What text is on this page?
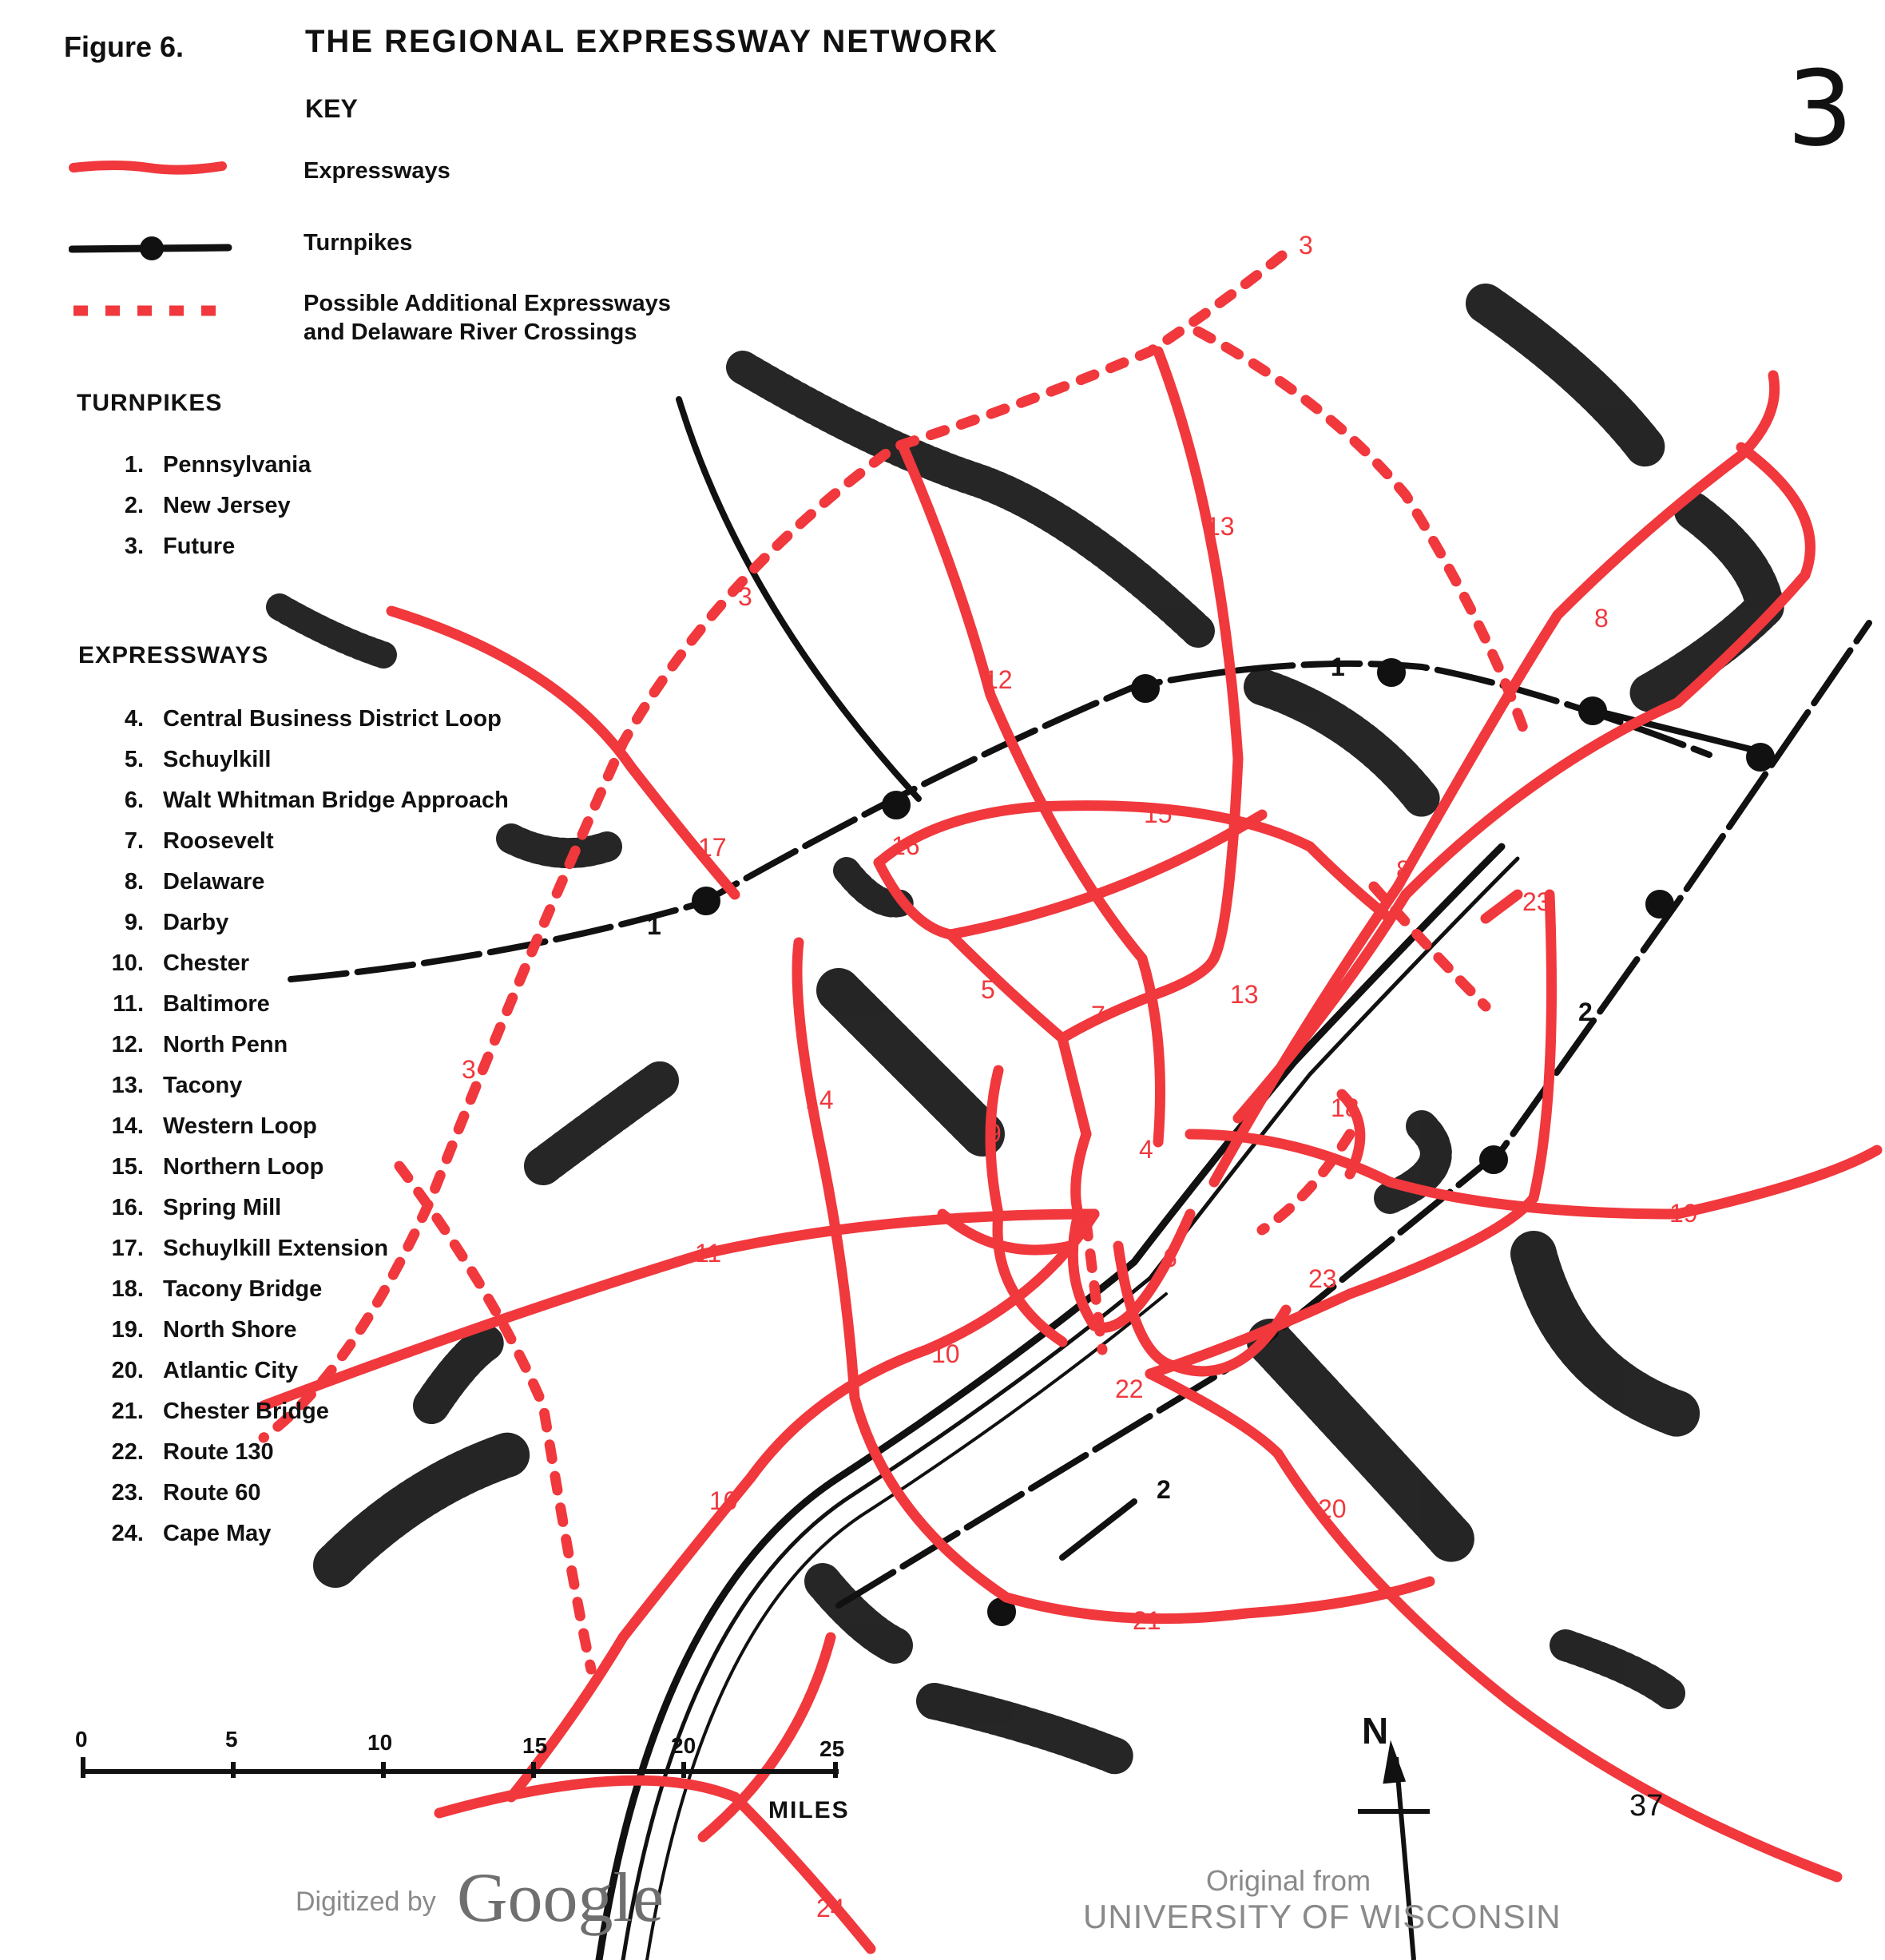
Figure 6.	THE REGIONAL EXPRESSWAY NETWORK
3
KEY
Expressways
Turnpikes
Possible Additional Expressways
and Delaware River Crossings
3
3
3
12
13
13
15
16
17
8
8
23
23
5
7
14
9
4
6
18
19
11
10
10
22
20
21
24
1
1
2
2
TURNPIKES
1. Pennsylvania
2. New Jersey
3. Future
EXPRESSWAYS
4. Central Business District Loop
5. Schuylkill
6. Walt Whitman Bridge Approach
7. Roosevelt
8. Delaware
9. Darby
10. Chester
11. Baltimore
12. North Penn
13. Tacony
14. Western Loop
15. Northern Loop
16. Spring Mill
17. Schuylkill Extension
18. Tacony Bridge
19. North Shore
20. Atlantic City
21. Chester Bridge
22. Route 130
23. Route 60
24. Cape May
0	5	10	15	20	25
MILES
N
37
Digitized by Google	Original from
UNIVERSITY OF WISCONSIN
